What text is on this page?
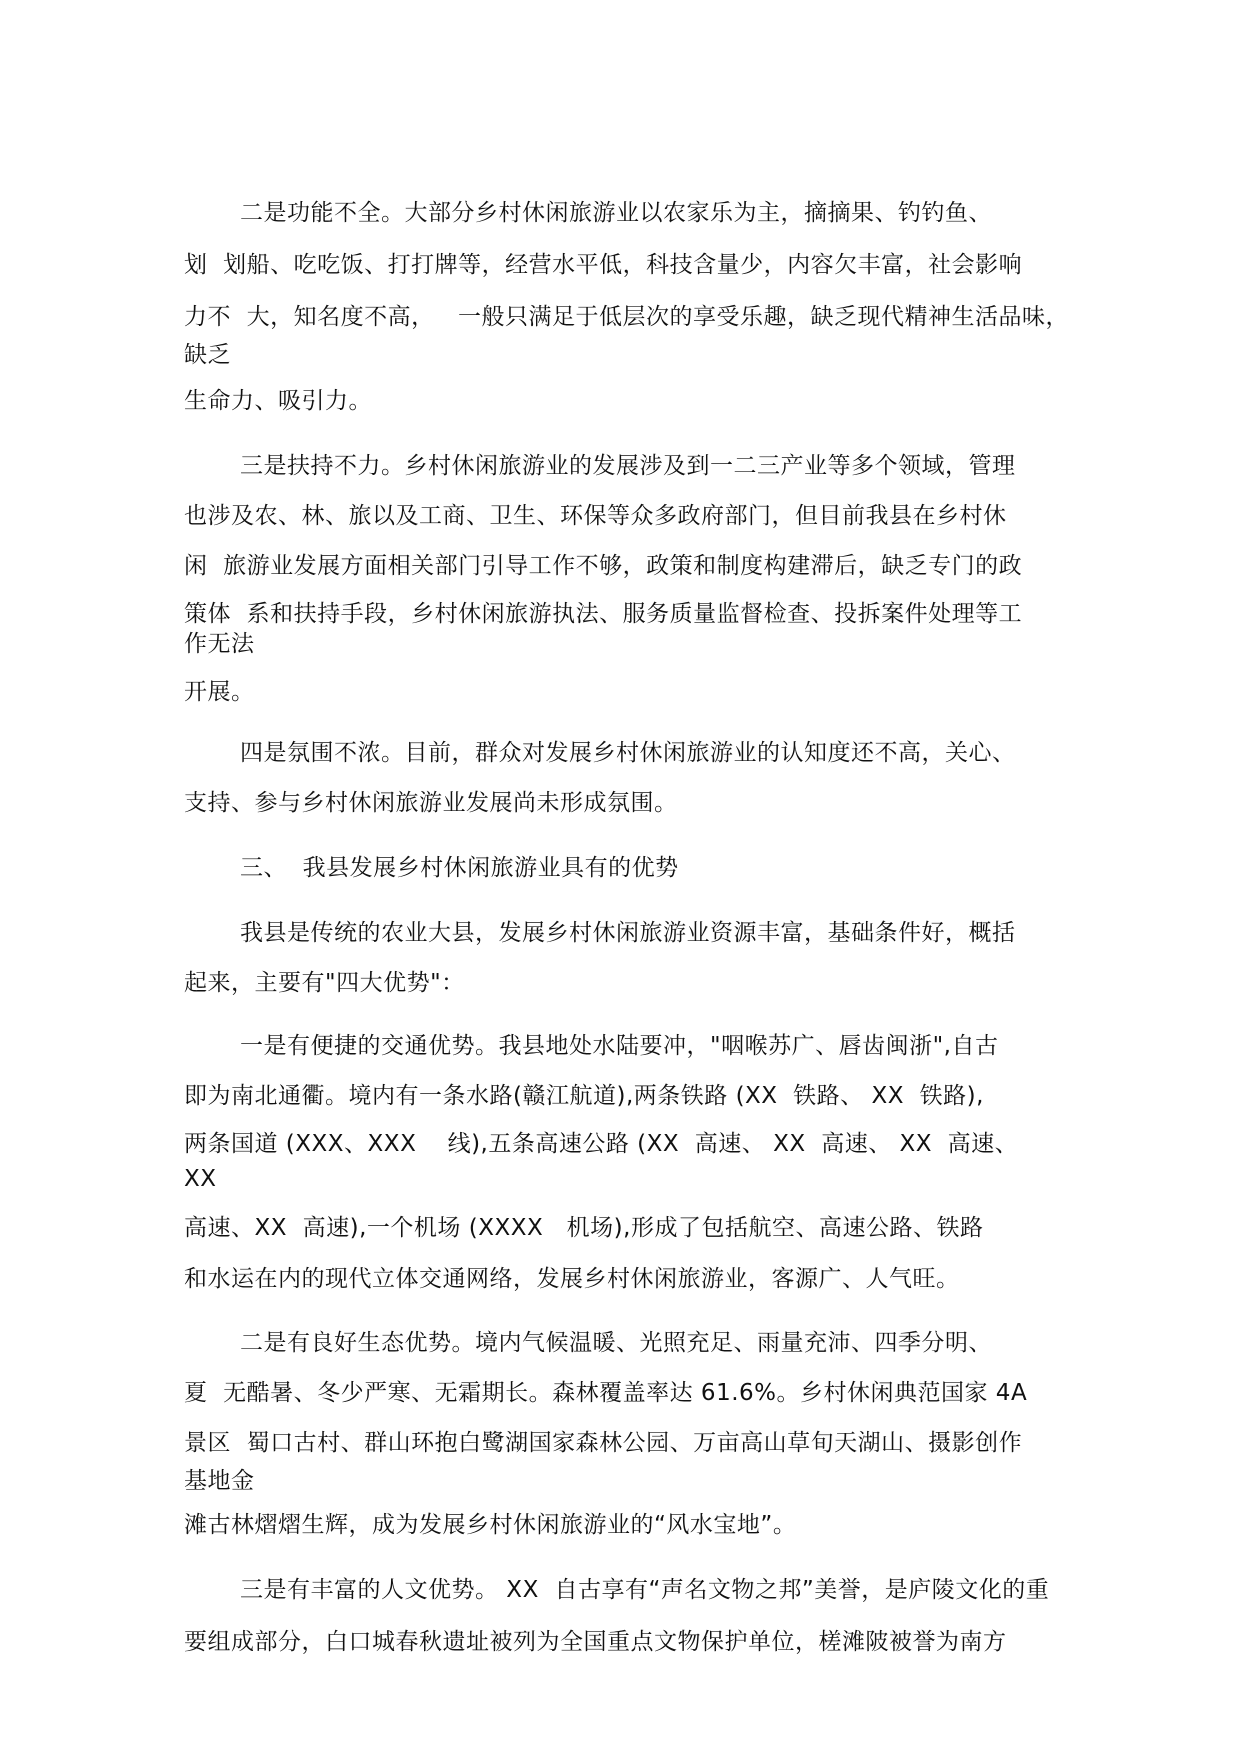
二是功能不全。大部分乡村休闲旅游业以农家乐为主，摘摘果、钓钓鱼、

划  划船、吃吃饭、打打牌等，经营水平低，科技含量少，内容欠丰富，社会影响

力不  大，知名度不高，   一般只满足于低层次的享受乐趣，缺乏现代精神生活品味，

缺乏

生命力、吸引力。

三是扶持不力。乡村休闲旅游业的发展涉及到一二三产业等多个领域，管理

也涉及农、林、旅以及工商、卫生、环保等众多政府部门，但目前我县在乡村休

闲  旅游业发展方面相关部门引导工作不够，政策和制度构建滞后，缺乏专门的政

策体  系和扶持手段，乡村休闲旅游执法、服务质量监督检查、投拆案件处理等工

作无法

开展。

四是氛围不浓。目前，群众对发展乡村休闲旅游业的认知度还不高，关心、

支持、参与乡村休闲旅游业发展尚未形成氛围。

三、  我县发展乡村休闲旅游业具有的优势

我县是传统的农业大县，发展乡村休闲旅游业资源丰富，基础条件好，概括

起来，主要有"四大优势"：

一是有便捷的交通优势。我县地处水陆要冲，"咽喉苏广、唇齿闽浙",自古

即为南北通衢。境内有一条水路(赣江航道),两条铁路 (XX  铁路、 XX  铁路),

两条国道 (XXX、XXX    线),五条高速公路 (XX  高速、 XX  高速、 XX  高速、

XX

高速、XX  高速),一个机场 (XXXX   机场),形成了包括航空、高速公路、铁路

和水运在内的现代立体交通网络，发展乡村休闲旅游业，客源广、人气旺。

二是有良好生态优势。境内气候温暖、光照充足、雨量充沛、四季分明、

夏  无酷暑、冬少严寒、无霜期长。森林覆盖率达 61.6%。乡村休闲典范国家 4A

景区  蜀口古村、群山环抱白鹭湖国家森林公园、万亩高山草旬天湖山、摄影创作

基地金

滩古林熠熠生辉，成为发展乡村休闲旅游业的“风水宝地”。

三是有丰富的人文优势。 XX  自古享有“声名文物之邦”美誉，是庐陵文化的重

要组成部分，白口城春秋遗址被列为全国重点文物保护单位，槎滩陂被誉为南方
